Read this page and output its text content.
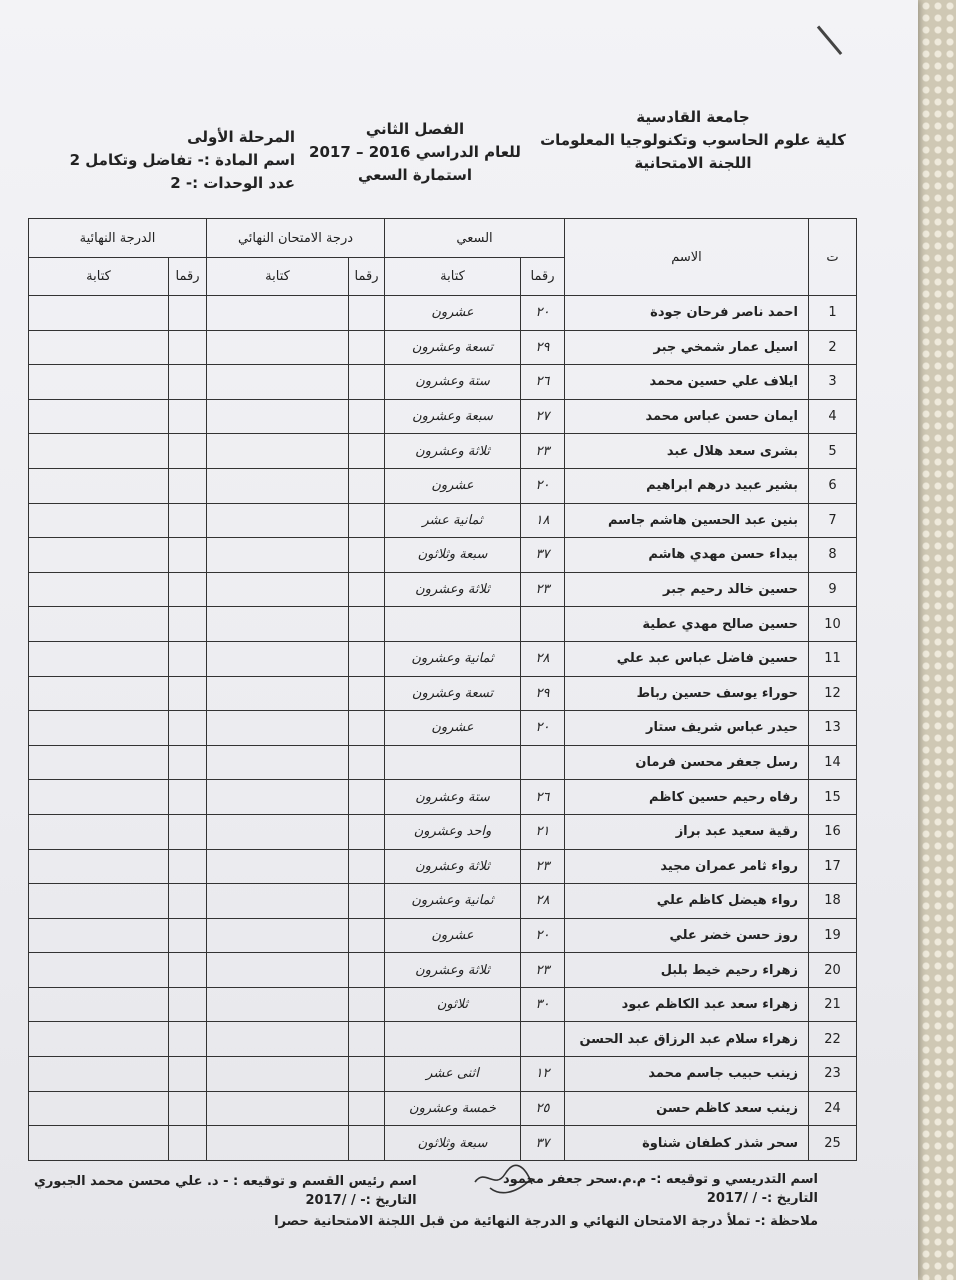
جامعة القادسية
كلية علوم الحاسوب وتكنولوجيا المعلومات
اللجنة الامتحانية
الفصل الثاني
للعام الدراسي 2016 – 2017
استمارة السعي
المرحلة الأولى
اسم المادة :- تفاضل وتكامل 2
عدد الوحدات :- 2
ت	الاسم	السعي		درجة الامتحان النهائي		الدرجة النهائية	
		رقما	كتابة	رقما	كتابة	رقما	كتابة
1	احمد ناصر فرحان جودة	٢٠	عشرون				
2	اسيل عمار شمخي جبر	٢٩	تسعة وعشرون				
3	ايلاف علي حسين محمد	٢٦	ستة وعشرون				
4	ايمان حسن عباس محمد	٢٧	سبعة وعشرون				
5	بشرى سعد هلال عبد	٢٣	ثلاثة وعشرون				
6	بشير عبيد درهم ابراهيم	٢٠	عشرون				
7	بنين عبد الحسين هاشم جاسم	١٨	ثمانية عشر				
8	بيداء حسن مهدي هاشم	٣٧	سبعة وثلاثون				
9	حسين خالد رحيم جبر	٢٣	ثلاثة وعشرون				
10	حسين صالح مهدي عطية						
11	حسين فاضل عباس عبد علي	٢٨	ثمانية وعشرون				
12	حوراء يوسف حسين رباط	٢٩	تسعة وعشرون				
13	حيدر عباس شريف ستار	٢٠	عشرون				
14	رسل جعفر محسن فرمان						
15	رفاه رحيم حسين كاظم	٢٦	ستة وعشرون				
16	رقية سعيد عبد براز	٢١	واحد وعشرون				
17	رواء ثامر عمران مجيد	٢٣	ثلاثة وعشرون				
18	رواء هيضل كاظم علي	٢٨	ثمانية وعشرون				
19	روز حسن خضر علي	٢٠	عشرون				
20	زهراء رحيم خيط بلبل	٢٣	ثلاثة وعشرون				
21	زهراء سعد عبد الكاظم عبود	٣٠	ثلاثون				
22	زهراء سلام عبد الرزاق عبد الحسن						
23	زينب حبيب جاسم محمد	١٢	اثنى عشر				
24	زينب سعد كاظم حسن	٢٥	خمسة وعشرون				
25	سحر شذر كطفان شناوة	٣٧	سبعة وثلاثون				
اسم التدريسي و توقيعه :- م.م.سحر جعفر محمود
التاريخ :- / /2017
اسم رئيس القسم و توقيعه : - د. علي محسن محمد الجبوري
التاريخ :- / /2017
ملاحظة :- تملأ درجة الامتحان النهائي و الدرجة النهائية من قبل اللجنة الامتحانية حصرا
